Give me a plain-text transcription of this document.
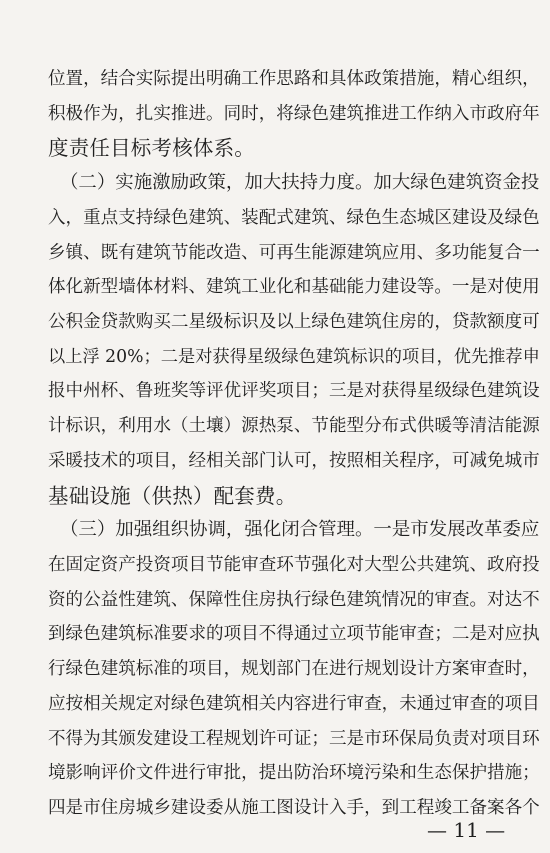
位置，结合实际提出明确工作思路和具体政策措施，精心组织，
积极作为，扎实推进。同时，将绿色建筑推进工作纳入市政府年
度责任目标考核体系。
（二）实施激励政策，加大扶持力度。加大绿色建筑资金投
入，重点支持绿色建筑、装配式建筑、绿色生态城区建设及绿色
乡镇、既有建筑节能改造、可再生能源建筑应用、多功能复合一
体化新型墙体材料、建筑工业化和基础能力建设等。一是对使用
公积金贷款购买二星级标识及以上绿色建筑住房的，贷款额度可
以上浮 20%；二是对获得星级绿色建筑标识的项目，优先推荐申
报中州杯、鲁班奖等评优评奖项目；三是对获得星级绿色建筑设
计标识，利用水（土壤）源热泵、节能型分布式供暖等清洁能源
采暖技术的项目，经相关部门认可，按照相关程序，可减免城市
基础设施（供热）配套费。
（三）加强组织协调，强化闭合管理。一是市发展改革委应
在固定资产投资项目节能审查环节强化对大型公共建筑、政府投
资的公益性建筑、保障性住房执行绿色建筑情况的审查。对达不
到绿色建筑标准要求的项目不得通过立项节能审查；二是对应执
行绿色建筑标准的项目，规划部门在进行规划设计方案审查时，
应按相关规定对绿色建筑相关内容进行审查，未通过审查的项目
— 11 —
不得为其颁发建设工程规划许可证；三是市环保局负责对项目环
境影响评价文件进行审批，提出防治环境污染和生态保护措施；
四是市住房城乡建设委从施工图设计入手，到工程竣工备案各个
